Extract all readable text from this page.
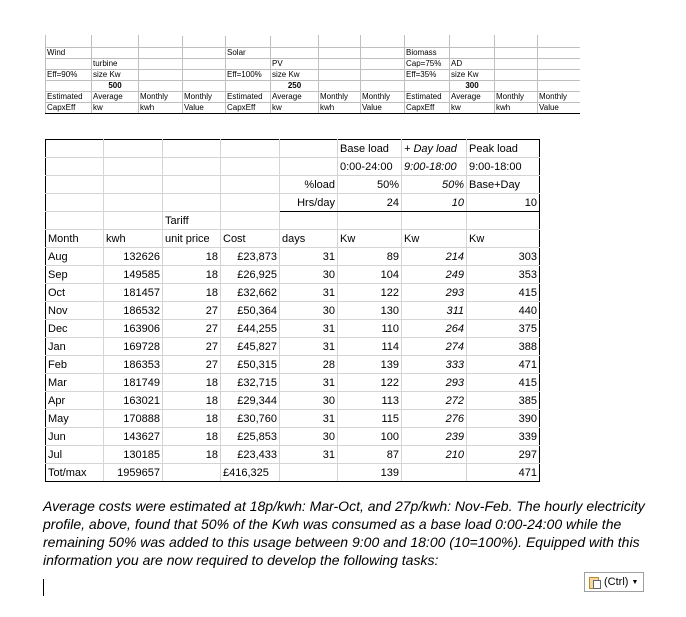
Wind				Solar				Biomass				
	turbine				PV			Cap=75%	AD			
Eff=90%	size Kw			Eff=100%	size Kw			Eff=35%	size Kw			
	500				250				300			
Estimated	Average	Monthly	Monthly	Estimated	Average	Monthly	Monthly	Estimated	Average	Monthly	Monthly	
CapxEff	kw	kwh	Value	CapxEff	kw	kwh	Value	CapxEff	kw	kwh	Value	
					Base load	+ Day load	Peak load
					0:00-24:00	9:00-18:00	9:00-18:00
				%load	50%	50%	Base+Day
				Hrs/day	24	10	10
		Tariff					
Month	kwh	unit price	Cost	days	Kw	Kw	Kw
Aug	132626	18	£23,873	31	89	214	303
Sep	149585	18	£26,925	30	104	249	353
Oct	181457	18	£32,662	31	122	293	415
Nov	186532	27	£50,364	30	130	311	440
Dec	163906	27	£44,255	31	110	264	375
Jan	169728	27	£45,827	31	114	274	388
Feb	186353	27	£50,315	28	139	333	471
Mar	181749	18	£32,715	31	122	293	415
Apr	163021	18	£29,344	30	113	272	385
May	170888	18	£30,760	31	115	276	390
Jun	143627	18	£25,853	30	100	239	339
Jul	130185	18	£23,433	31	87	210	297
Tot/max	1959657		£416,325		139		471

Average costs were estimated at 18p/kwh: Mar-Oct, and 27p/kwh: Nov-Feb. The hourly electricity profile, above, found that 50% of the Kwh was consumed as a base load 0:00-24:00 while the remaining 50% was added to this usage between 9:00 and 18:00 (10=100%). Equipped with this information you are now required to develop the following tasks:

(Ctrl) ▼
